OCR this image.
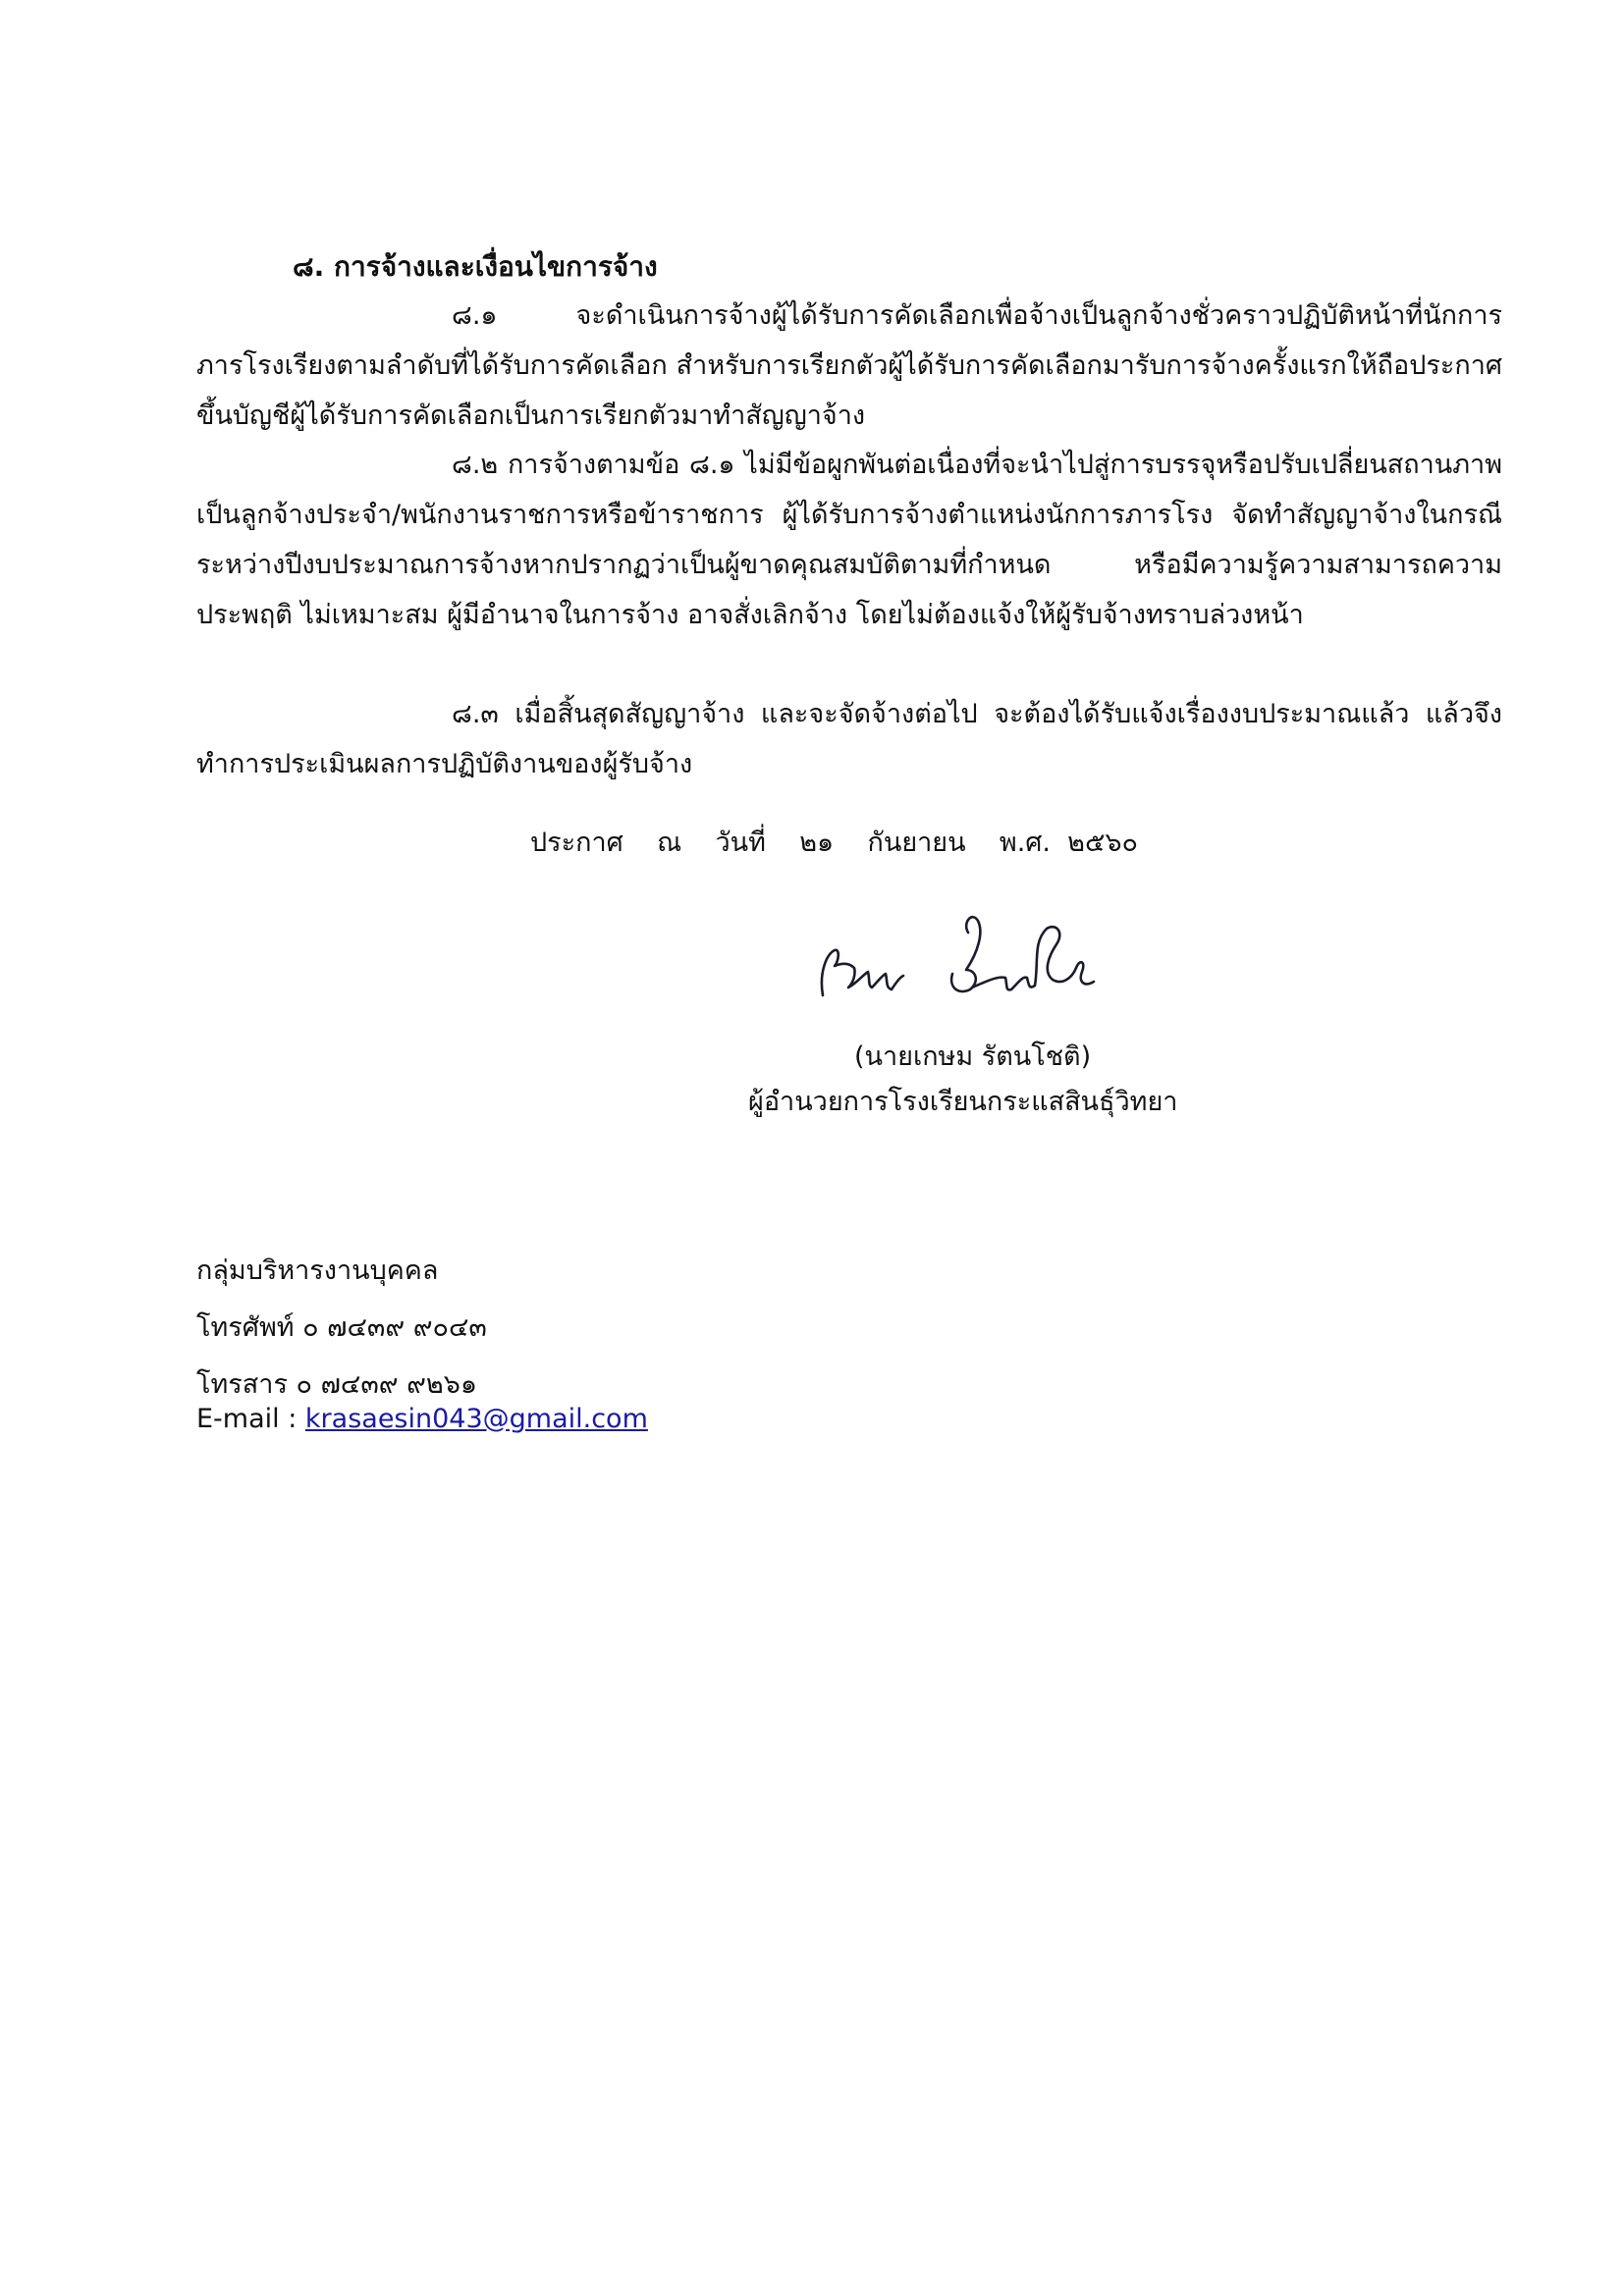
๘. การจ้างและเงื่อนไขการจ้าง
๘.๑ จะดำเนินการจ้างผู้ได้รับการคัดเลือกเพื่อจ้างเป็นลูกจ้างชั่วคราวปฏิบัติหน้าที่นักการภารโรงเรียงตามลำดับที่ได้รับการคัดเลือก สำหรับการเรียกตัวผู้ได้รับการคัดเลือกมารับการจ้างครั้งแรกให้ถือประกาศขึ้นบัญชีผู้ได้รับการคัดเลือกเป็นการเรียกตัวมาทำสัญญาจ้าง
๘.๒ การจ้างตามข้อ ๘.๑ ไม่มีข้อผูกพันต่อเนื่องที่จะนำไปสู่การบรรจุหรือปรับเปลี่ยนสถานภาพเป็นลูกจ้างประจำ/พนักงานราชการหรือข้าราชการ ผู้ได้รับการจ้างตำแหน่งนักการภารโรง จัดทำสัญญาจ้างในกรณีระหว่างปีงบประมาณการจ้างหากปรากฏว่าเป็นผู้ขาดคุณสมบัติตามที่กำหนด หรือมีความรู้ความสามารถความประพฤติ ไม่เหมาะสม ผู้มีอำนาจในการจ้าง อาจสั่งเลิกจ้าง โดยไม่ต้องแจ้งให้ผู้รับจ้างทราบล่วงหน้า
๘.๓ เมื่อสิ้นสุดสัญญาจ้าง และจะจัดจ้างต่อไป จะต้องได้รับแจ้งเรื่องงบประมาณแล้ว แล้วจึงทำการประเมินผลการปฏิบัติงานของผู้รับจ้าง
ประกาศ    ณ    วันที่    ๒๑    กันยายน    พ.ศ.  ๒๕๖๐
(นายเกษม รัตนโชติ)
ผู้อำนวยการโรงเรียนกระแสสินธุ์วิทยา
กลุ่มบริหารงานบุคคล
โทรศัพท์ ๐ ๗๔๓๙ ๙๐๔๓
โทรสาร ๐ ๗๔๓๙ ๙๒๖๑
E-mail : krasaesin043@gmail.com
